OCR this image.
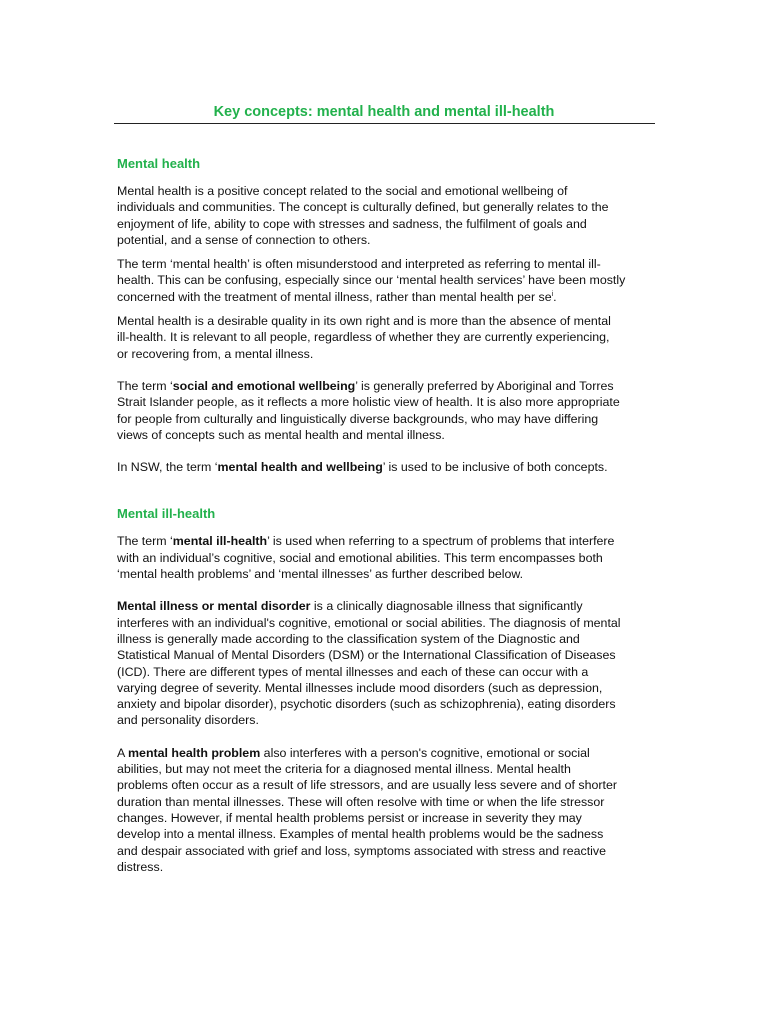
Key concepts: mental health and mental ill-health
Mental health
Mental health is a positive concept related to the social and emotional wellbeing of
individuals and communities. The concept is culturally defined, but generally relates to the
enjoyment of life, ability to cope with stresses and sadness, the fulfilment of goals and
potential, and a sense of connection to others.
The term ‘mental health’ is often misunderstood and interpreted as referring to mental ill-
health. This can be confusing, especially since our ‘mental health services’ have been mostly
concerned with the treatment of mental illness, rather than mental health per se$^i$.
Mental health is a desirable quality in its own right and is more than the absence of mental
ill-health. It is relevant to all people, regardless of whether they are currently experiencing,
or recovering from, a mental illness.
The term ‘social and emotional wellbeing’ is generally preferred by Aboriginal and Torres
Strait Islander people, as it reflects a more holistic view of health. It is also more appropriate
for people from culturally and linguistically diverse backgrounds, who may have differing
views of concepts such as mental health and mental illness.
In NSW, the term ‘mental health and wellbeing’ is used to be inclusive of both concepts.
Mental ill-health
The term ‘mental ill-health’ is used when referring to a spectrum of problems that interfere
with an individual’s cognitive, social and emotional abilities. This term encompasses both
‘mental health problems’ and ‘mental illnesses’ as further described below.
Mental illness or mental disorder is a clinically diagnosable illness that significantly
interferes with an individual's cognitive, emotional or social abilities. The diagnosis of mental
illness is generally made according to the classification system of the Diagnostic and
Statistical Manual of Mental Disorders (DSM) or the International Classification of Diseases
(ICD). There are different types of mental illnesses and each of these can occur with a
varying degree of severity. Mental illnesses include mood disorders (such as depression,
anxiety and bipolar disorder), psychotic disorders (such as schizophrenia), eating disorders
and personality disorders.
A mental health problem also interferes with a person's cognitive, emotional or social
abilities, but may not meet the criteria for a diagnosed mental illness. Mental health
problems often occur as a result of life stressors, and are usually less severe and of shorter
duration than mental illnesses. These will often resolve with time or when the life stressor
changes. However, if mental health problems persist or increase in severity they may
develop into a mental illness. Examples of mental health problems would be the sadness
and despair associated with grief and loss, symptoms associated with stress and reactive
distress.
